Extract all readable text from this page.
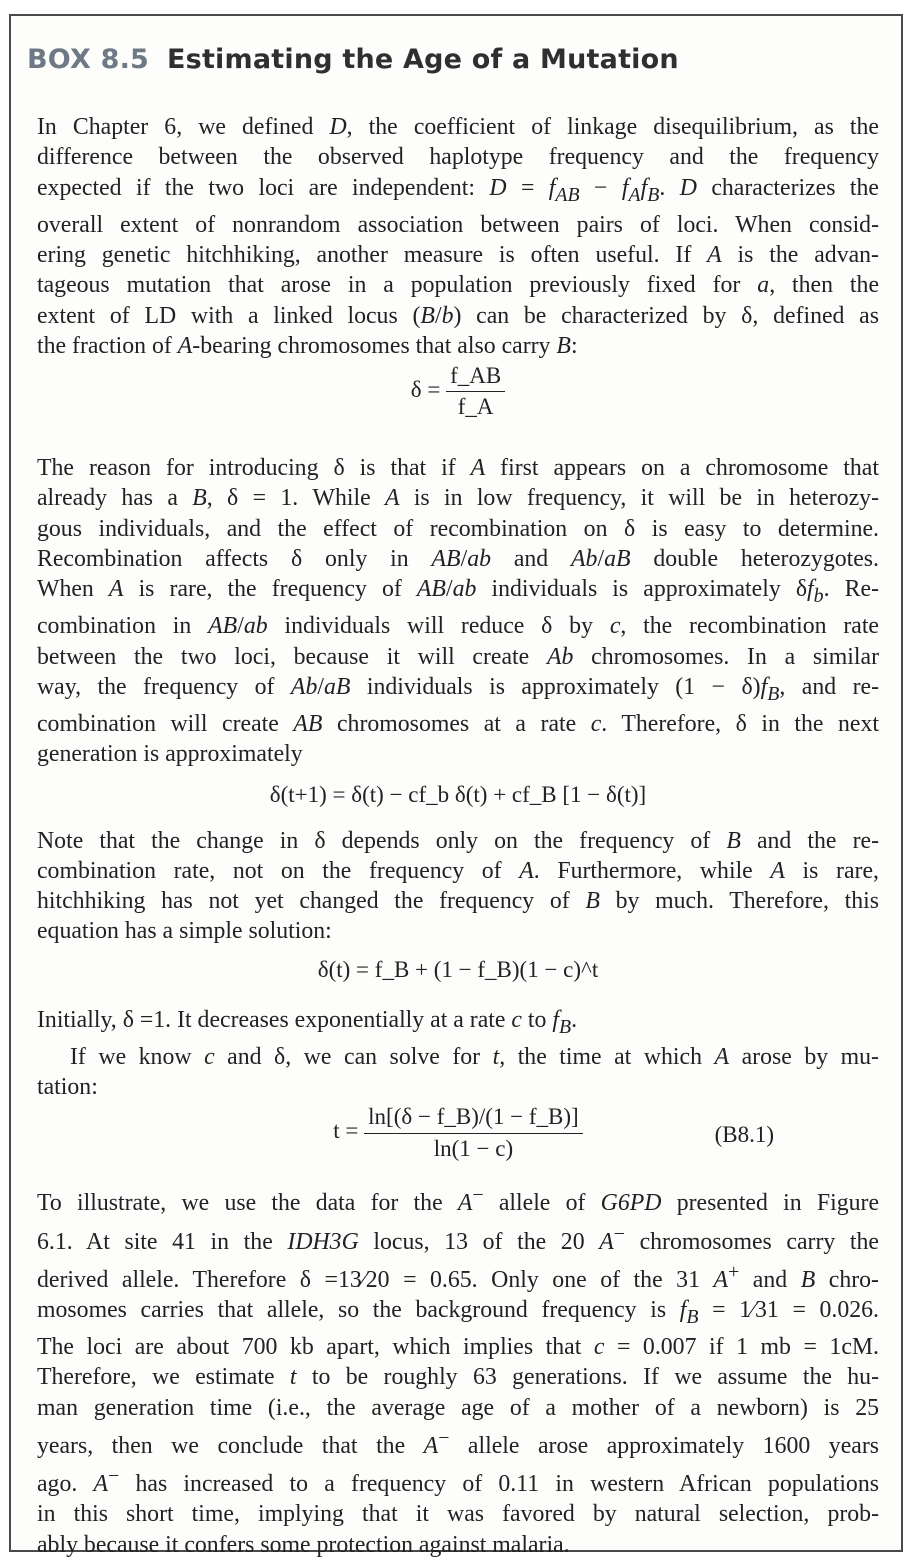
BOX 8.5 Estimating the Age of a Mutation

In Chapter 6, we defined D, the coefficient of linkage disequilibrium, as the
difference between the observed haplotype frequency and the frequency
expected if the two loci are independent: $D = f_{AB} - f_Af_B$. D characterizes the
overall extent of nonrandom association between pairs of loci. When consid-
ering genetic hitchhiking, another measure is often useful. If A is the advan-
tageous mutation that arose in a population previously fixed for a, then the
extent of LD with a linked locus (B/b) can be characterized by δ, defined as
the fraction of A-bearing chromosomes that also carry B:

$\delta = \frac{f\_AB}{f\_A}$

The reason for introducing δ is that if A first appears on a chromosome that
already has a B, δ = 1. While A is in low frequency, it will be in heterozy-
gous individuals, and the effect of recombination on δ is easy to determine.
Recombination affects δ only in AB/ab and Ab/aB double heterozygotes.
When A is rare, the frequency of AB/ab individuals is approximately $\delta f_b$. Re-
combination in AB/ab individuals will reduce δ by c, the recombination rate
between the two loci, because it will create Ab chromosomes. In a similar
way, the frequency of Ab/aB individuals is approximately $(1 - \delta)f_B$, and re-
combination will create AB chromosomes at a rate c. Therefore, δ in the next
generation is approximately

δ(t+1) = δ(t) − cf_b δ(t) + cf_B [1 − δ(t)]

Note that the change in δ depends only on the frequency of B and the re-
combination rate, not on the frequency of A. Furthermore, while A is rare,
hitchhiking has not yet changed the frequency of B by much. Therefore, this
equation has a simple solution:

δ(t) = f_B + (1 − f_B)(1 − c)^t

Initially, δ =1. It decreases exponentially at a rate c to $f_B$.

If we know c and δ, we can solve for t, the time at which A arose by mu-
tation:

$t = \frac{\ln[(\delta - f\_B)/(1 - f\_B)]}{\ln(1 - c)}$	(B8.1)

To illustrate, we use the data for the A− allele of G6PD presented in Figure
6.1. At site 41 in the IDH3G locus, 13 of the 20 A− chromosomes carry the
derived allele. Therefore δ =13⁄20 = 0.65. Only one of the 31 A+ and B chro-
mosomes carries that allele, so the background frequency is $f_B$ = 1⁄31 = 0.026.
The loci are about 700 kb apart, which implies that c = 0.007 if 1 mb = 1cM.
Therefore, we estimate t to be roughly 63 generations. If we assume the hu-
man generation time (i.e., the average age of a mother of a newborn) is 25
years, then we conclude that the A− allele arose approximately 1600 years
ago. A− has increased to a frequency of 0.11 in western African populations
in this short time, implying that it was favored by natural selection, prob-
ably because it confers some protection against malaria.
